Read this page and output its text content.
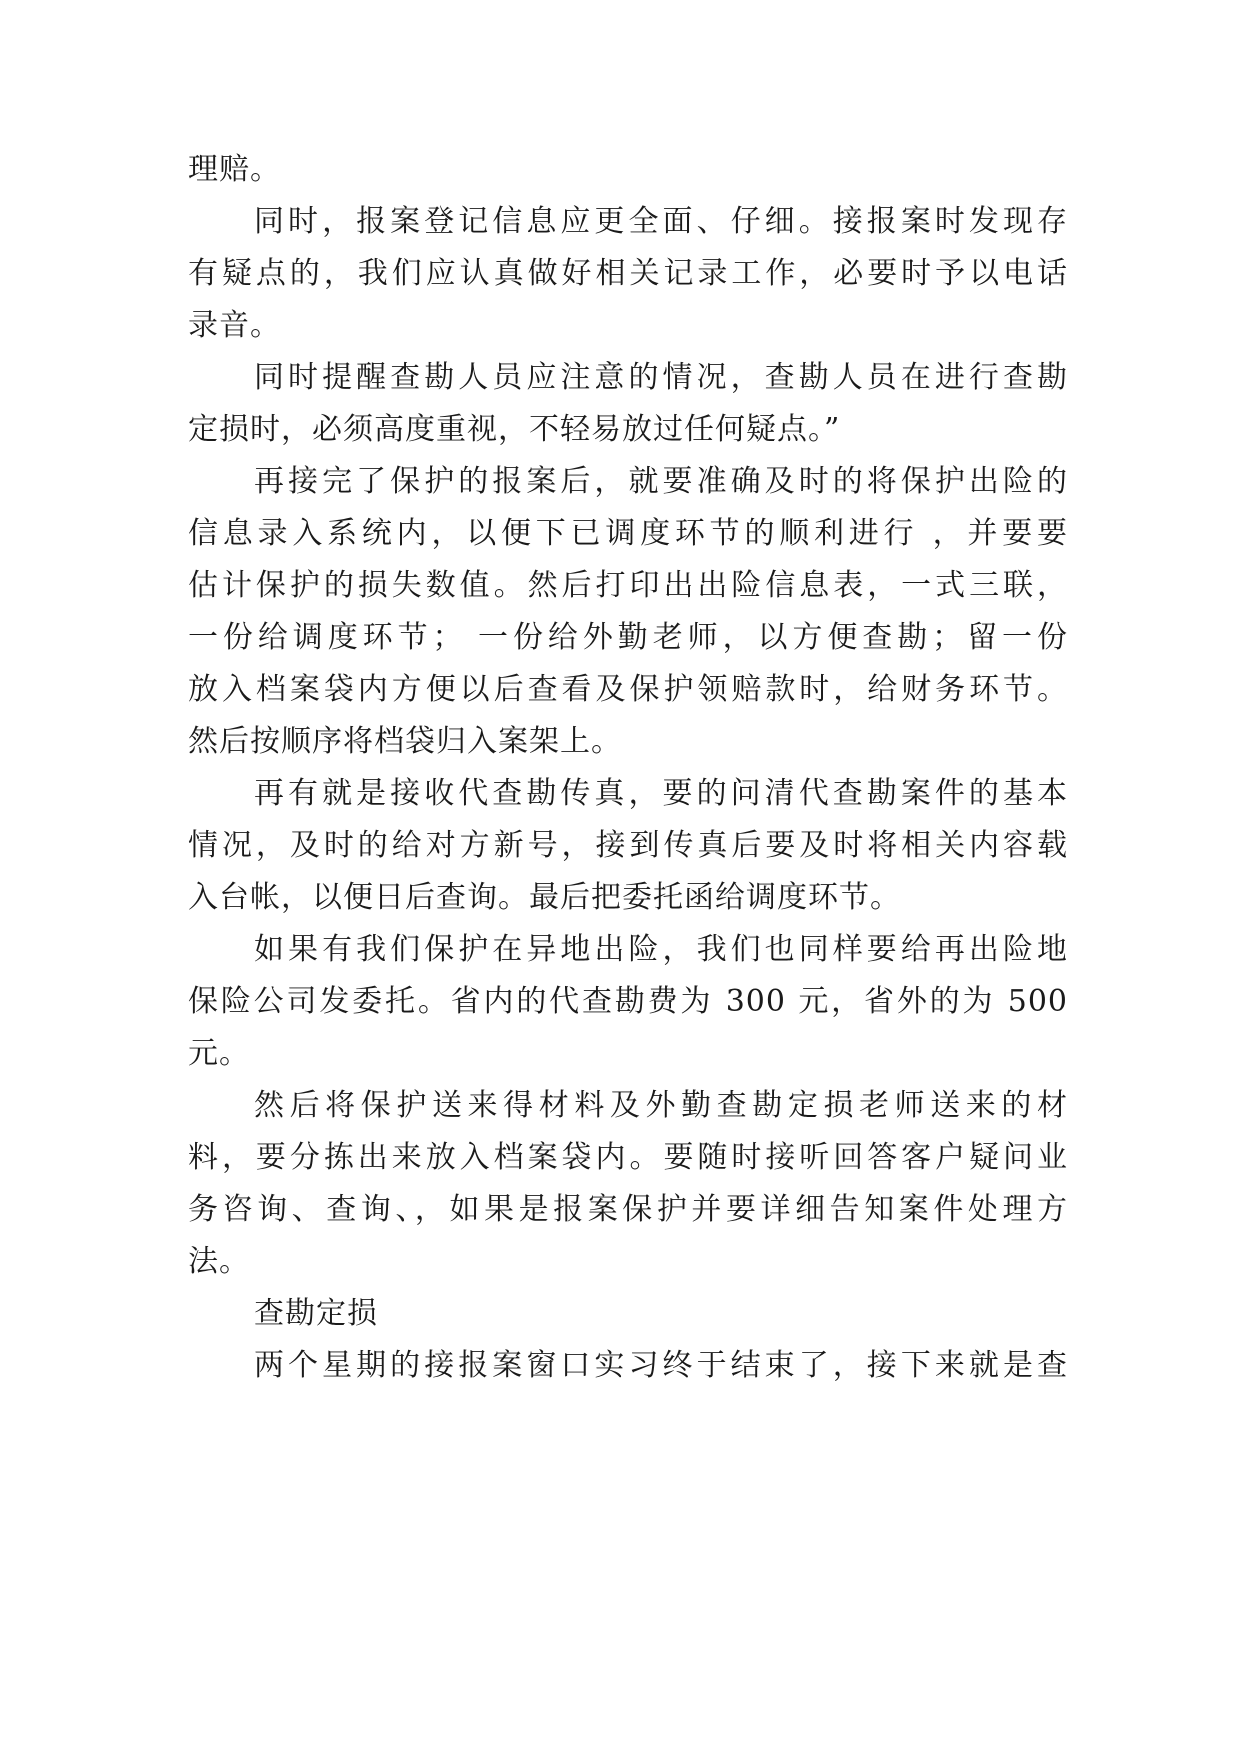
理赔。

同时，报案登记信息应更全面、仔细。接报案时发现存

有疑点的，我们应认真做好相关记录工作，必要时予以电话

录音。

同时提醒查勘人员应注意的情况，查勘人员在进行查勘

定损时，必须高度重视，不轻易放过任何疑点。”

再接完了保护的报案后，就要准确及时的将保护出险的

信息录入系统内，以便下已调度环节的顺利进行 ，并要要

估计保护的损失数值。然后打印出出险信息表，一式三联，

一份给调度环节； 一份给外勤老师，以方便查勘；留一份

放入档案袋内方便以后查看及保护领赔款时，给财务环节。

然后按顺序将档袋归入案架上。

再有就是接收代查勘传真，要的问清代查勘案件的基本

情况，及时的给对方新号，接到传真后要及时将相关内容载

入台帐，以便日后查询。最后把委托函给调度环节。

如果有我们保护在异地出险，我们也同样要给再出险地

保险公司发委托。省内的代查勘费为 300 元，省外的为 500

元。

然后将保护送来得材料及外勤查勘定损老师送来的材

料，要分拣出来放入档案袋内。要随时接听回答客户疑问业

务咨询、查询、，如果是报案保护并要详细告知案件处理方

法。

查勘定损

两个星期的接报案窗口实习终于结束了，接下来就是查
